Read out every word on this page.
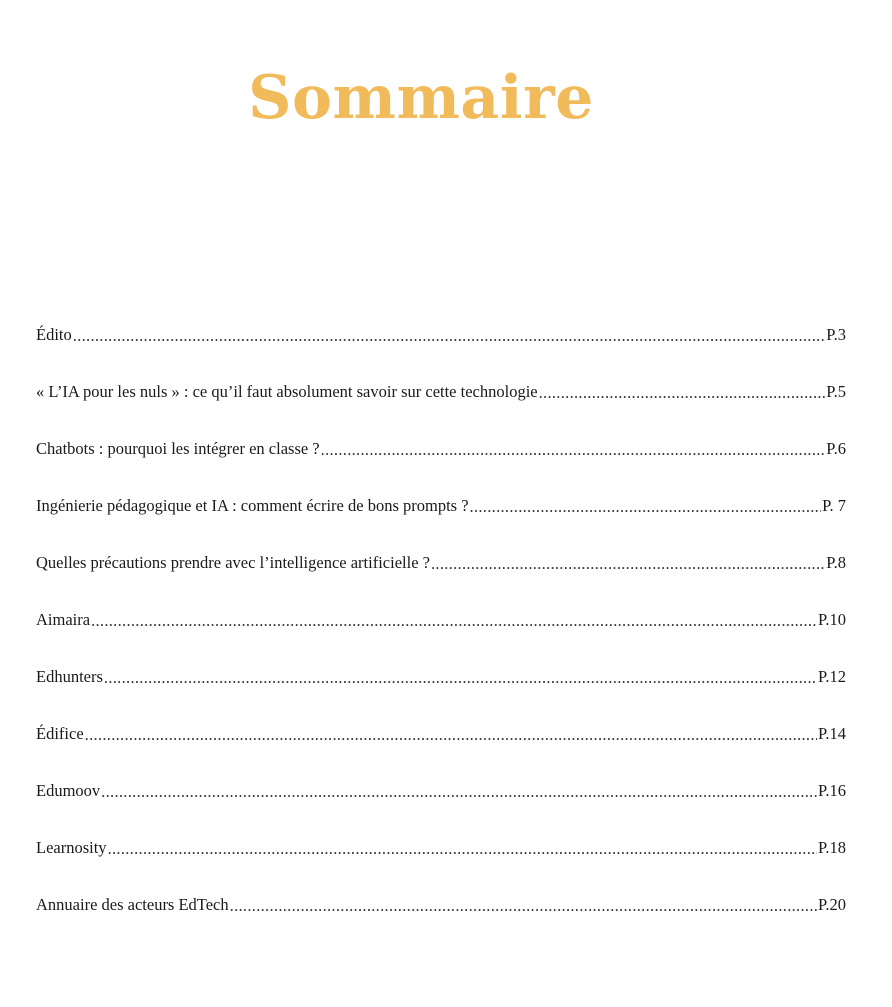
Sommaire
Édito .....	P.3
« L’IA pour les nuls » : ce qu’il faut absolument savoir sur cette technologie .....	P.5
Chatbots : pourquoi les intégrer en classe ? .....	P.6
Ingénierie pédagogique et IA : comment écrire de bons prompts ? .....	P. 7
Quelles précautions prendre avec l’intelligence artificielle ? .....	P.8
Aimaira .....	P.10
Edhunters .....	P.12
Édifice .....	P.14
Edumoov .....	P.16
Learnosity .....	P.18
Annuaire des acteurs EdTech .....	P.20
